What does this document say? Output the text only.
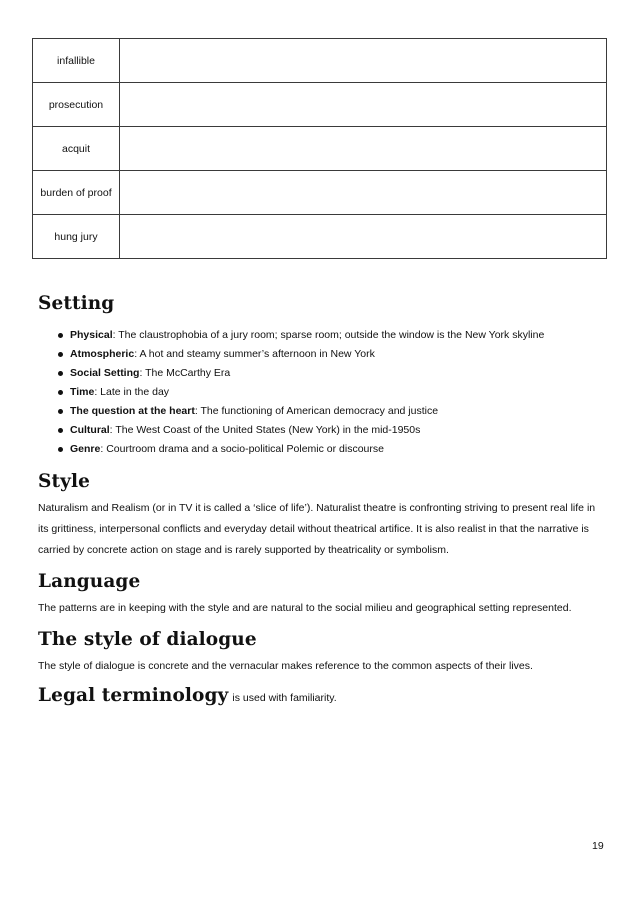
infallible	
prosecution	
acquit	
burden of proof	
hung jury	
Setting
Physical: The claustrophobia of a jury room; sparse room; outside the window is the New York skyline
Atmospheric: A hot and steamy summer’s afternoon in New York
Social Setting: The McCarthy Era
Time: Late in the day
The question at the heart: The functioning of American democracy and justice
Cultural: The West Coast of the United States (New York) in the mid-1950s
Genre: Courtroom drama and a socio-political Polemic or discourse
Style

Naturalism and Realism (or in TV it is called a ‘slice of life’). Naturalist theatre is confronting striving to present real life in its grittiness, interpersonal conflicts and everyday detail without theatrical artifice. It is also realist in that the narrative is carried by concrete action on stage and is rarely supported by theatricality or symbolism.

Language

The patterns are in keeping with the style and are natural to the social milieu and geographical setting represented.

The style of dialogue

The style of dialogue is concrete and the vernacular makes reference to the common aspects of their lives.

Legal terminology is used with familiarity.
19
